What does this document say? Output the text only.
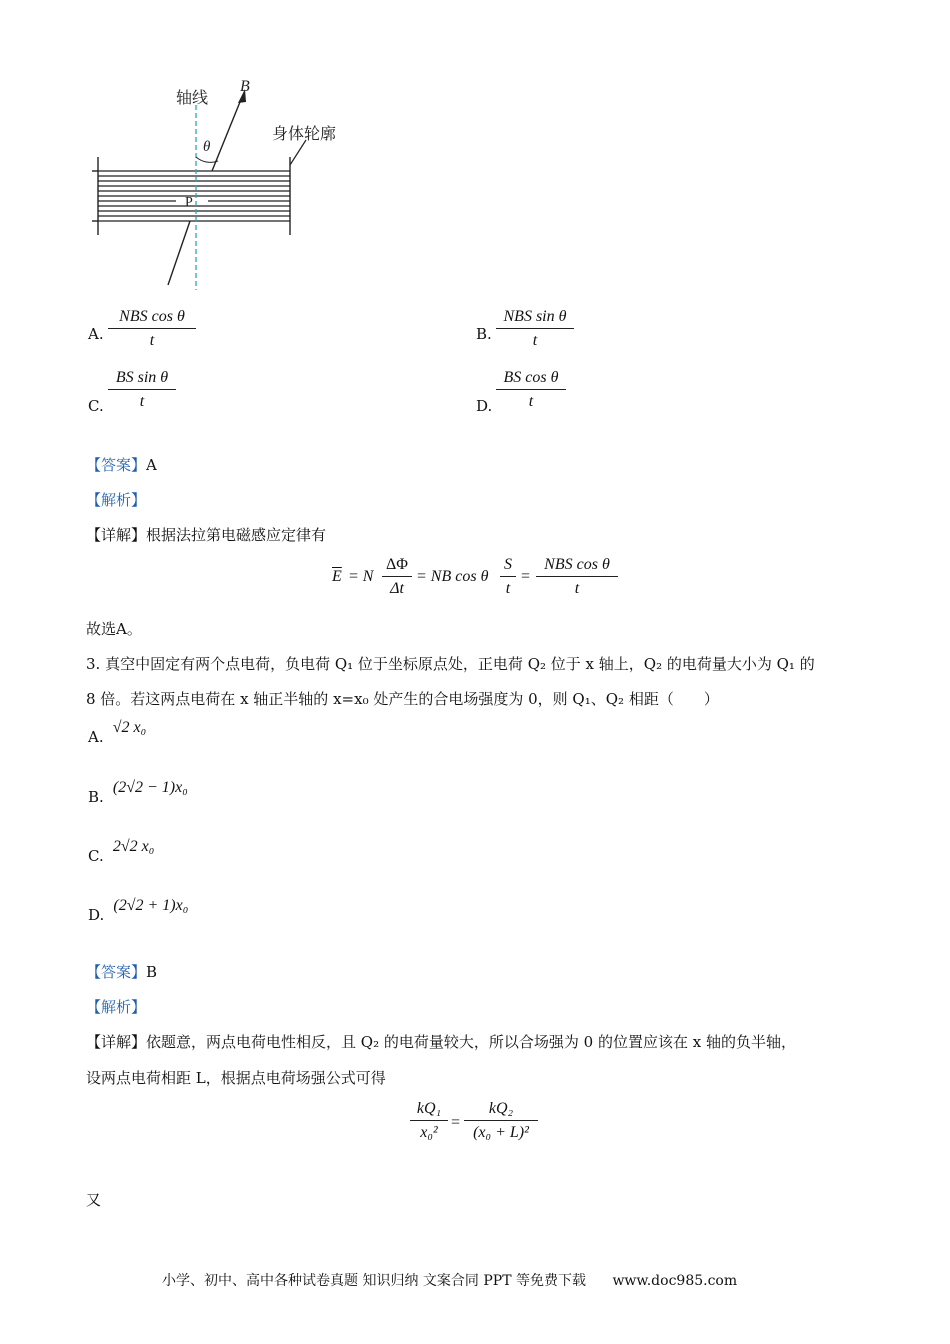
轴线
B
θ
身体轮廓
P
A.
NBS cos θ
t	B.
NBS sin θ
t
C. $\frac{\text{BS sin θ}}{t}$	D. $\frac{\text{BS cos θ}}{t}$
【答案】A
【解析】
【详解】根据法拉第电磁感应定律有
$\overline{E} = N \frac{\Delta\Phi}{\Delta t}$ = NB cos θ $\frac{S}{t}$ =
NBS cos θ
t
故选A。
3. 真空中固定有两个点电荷，负电荷 Q₁ 位于坐标原点处，正电荷 Q₂ 位于 x 轴上，Q₂ 的电荷量大小为 Q₁ 的
8 倍。若这两点电荷在 x 轴正半轴的 x=x₀ 处产生的合电场强度为 0，则 Q₁、Q₂ 相距（　　）
A. √2 x₀
B. (2√2 − 1)x₀
C. 2√2 x₀
D. (2√2 + 1)x₀
【答案】B
【解析】
【详解】依题意，两点电荷电性相反，且 Q₂ 的电荷量较大，所以合场强为 0 的位置应该在 x 轴的负半轴，
设两点电荷相距 L，根据点电荷场强公式可得
$\frac{\text{kQ₁}}{\text{x₀²}} = \frac{\text{kQ₂}}{\text{(x₀ + L)²}}$
又
小学、初中、高中各种试卷真题 知识归纳 文案合同 PPT 等免费下载 www.doc985.com
